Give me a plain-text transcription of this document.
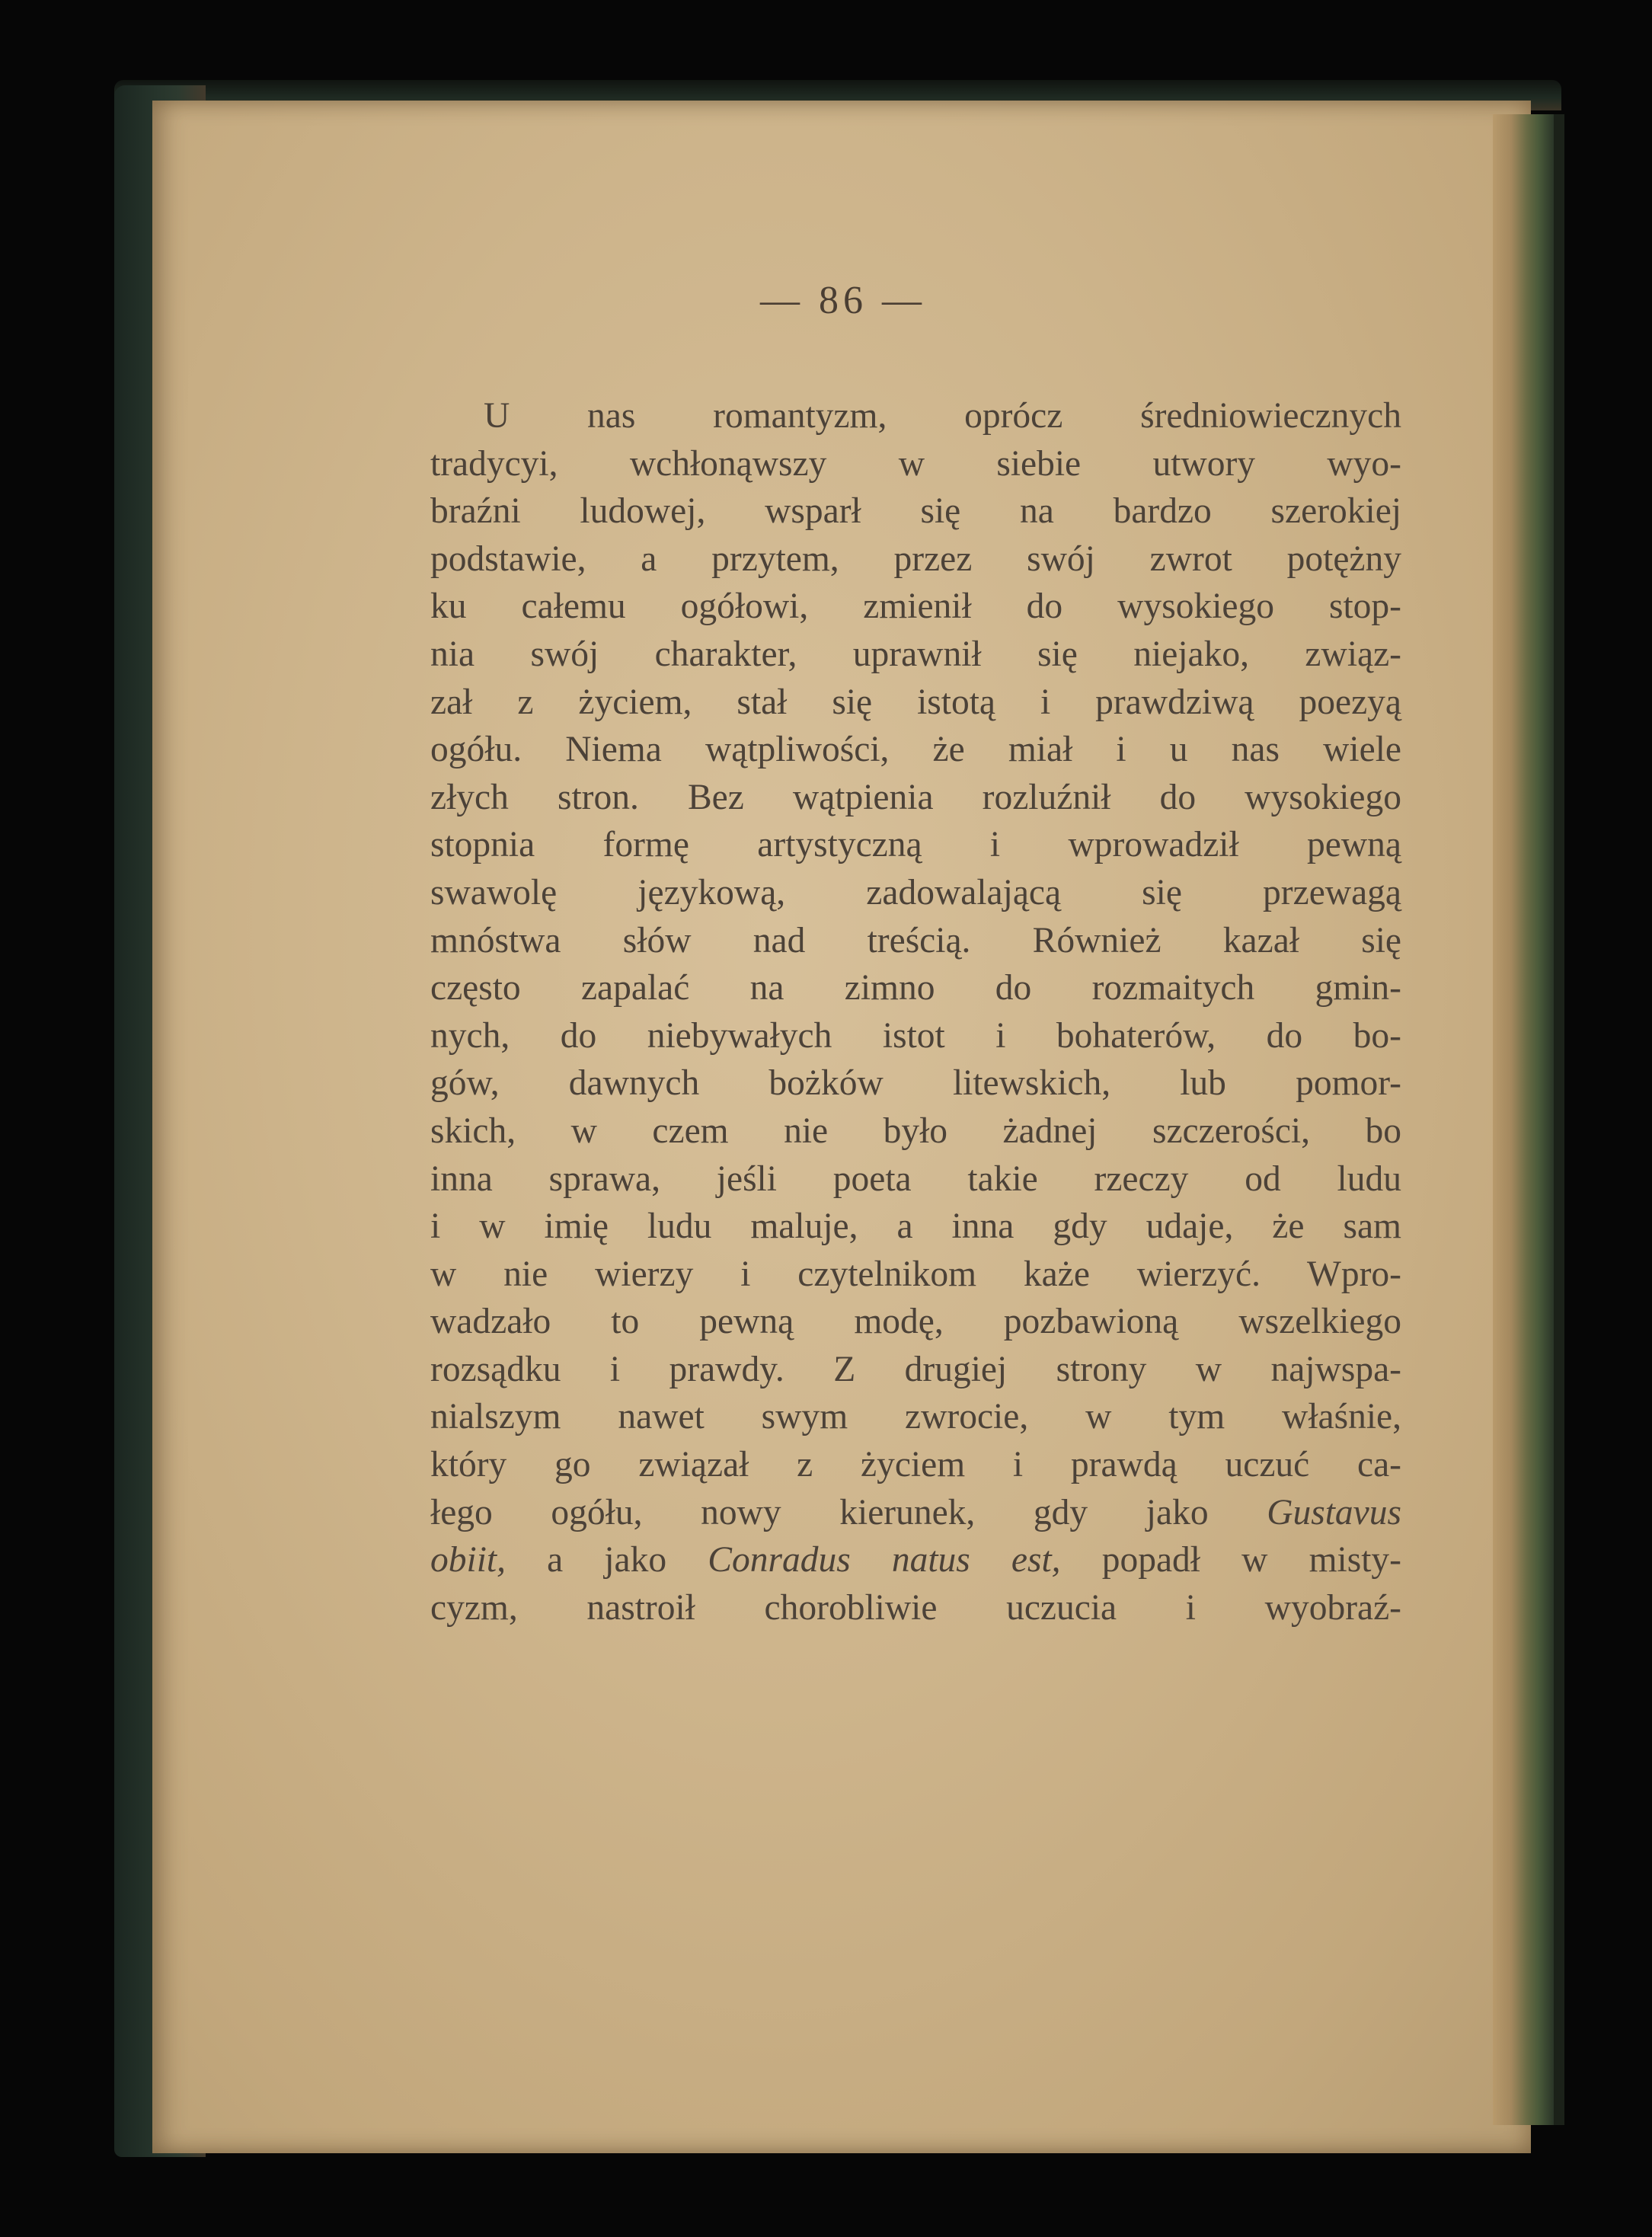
— 86 —
U nas romantyzm, oprócz średniowiecznych
tradycyi, wchłonąwszy w siebie utwory wyo-
braźni ludowej, wsparł się na bardzo szerokiej
podstawie, a przytem, przez swój zwrot potężny
ku całemu ogółowi, zmienił do wysokiego stop-
nia swój charakter, uprawnił się niejako, związ-
zał z życiem, stał się istotą i prawdziwą poezyą
ogółu. Niema wątpliwości, że miał i u nas wiele
złych stron. Bez wątpienia rozluźnił do wysokiego
stopnia formę artystyczną i wprowadził pewną
swawolę językową, zadowalającą się przewagą
mnóstwa słów nad treścią. Również kazał się
często zapalać na zimno do rozmaitych gmin-
nych, do niebywałych istot i bohaterów, do bo-
gów, dawnych bożków litewskich, lub pomor-
skich, w czem nie było żadnej szczerości, bo
inna sprawa, jeśli poeta takie rzeczy od ludu
i w imię ludu maluje, a inna gdy udaje, że sam
w nie wierzy i czytelnikom każe wierzyć. Wpro-
wadzało to pewną modę, pozbawioną wszelkiego
rozsądku i prawdy. Z drugiej strony w najwspa-
nialszym nawet swym zwrocie, w tym właśnie,
który go związał z życiem i prawdą uczuć ca-
łego ogółu, nowy kierunek, gdy jako Gustavus
obiit, a jako Conradus natus est, popadł w misty-
cyzm, nastroił chorobliwie uczucia i wyobraź-
